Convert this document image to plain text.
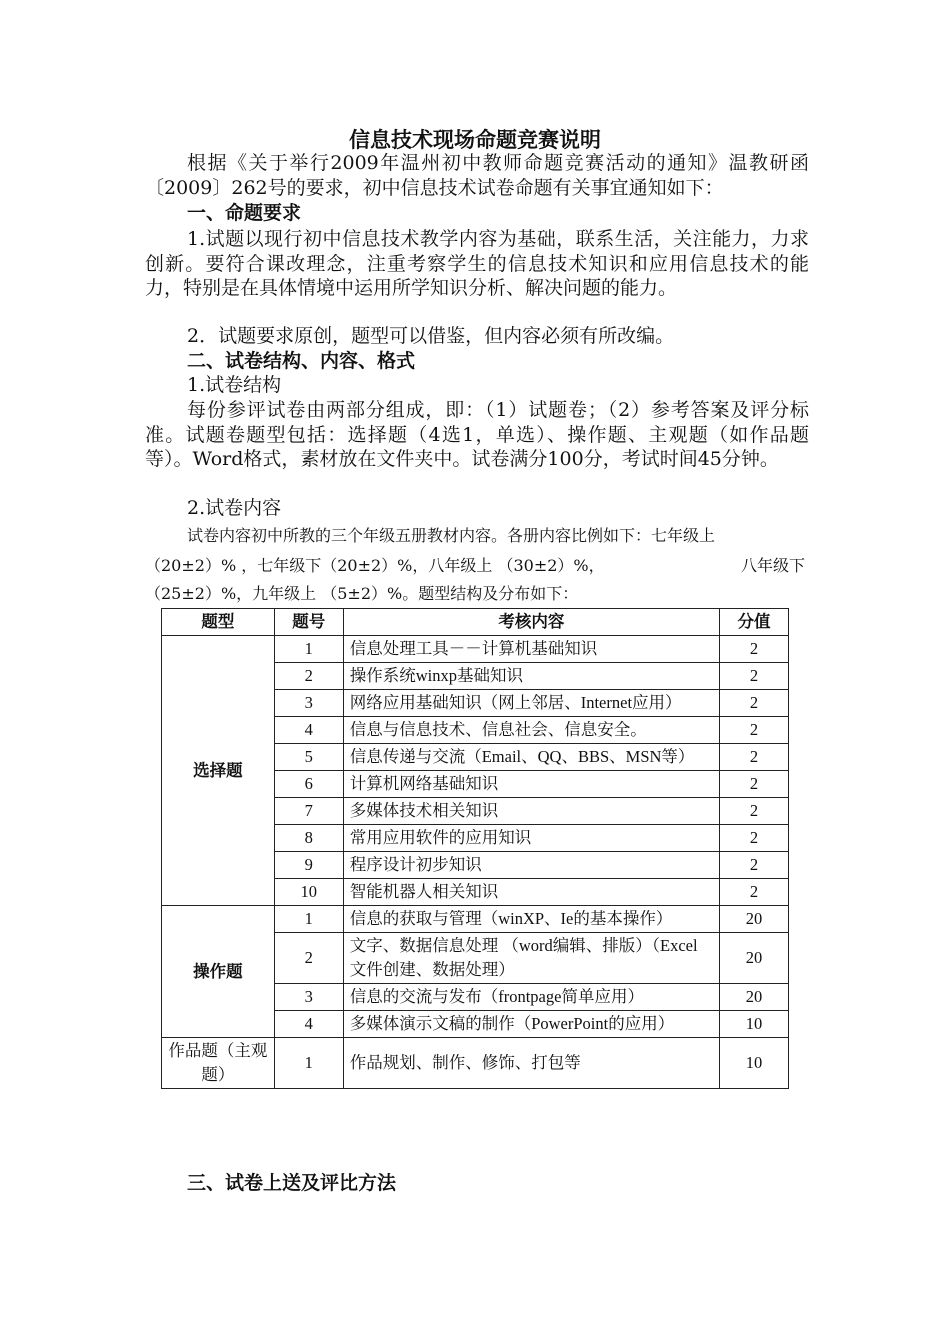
信息技术现场命题竞赛说明
根据《关于举行2009年温州初中教师命题竞赛活动的通知》温教研函〔2009〕262号的要求，初中信息技术试卷命题有关事宜通知如下：
一、命题要求
1.试题以现行初中信息技术教学内容为基础，联系生活，关注能力，力求创新。要符合课改理念，注重考察学生的信息技术知识和应用信息技术的能力，特别是在具体情境中运用所学知识分析、解决问题的能力。
2．试题要求原创，题型可以借鉴，但内容必须有所改编。
二、试卷结构、内容、格式
1.试卷结构
每份参评试卷由两部分组成，即：（1）试题卷；（2）参考答案及评分标准。试题卷题型包括：选择题（4选1，单选）、操作题、主观题（如作品题等）。Word格式，素材放在文件夹中。试卷满分100分，考试时间45分钟。
2.试卷内容
试卷内容初中所教的三个年级五册教材内容。各册内容比例如下：七年级上
（20±2）% ，七年级下（20±2）%，八年级上 （30±2）%，	八年级下
（25±2）%，九年级上 （5±2）%。题型结构及分布如下：
题型	题号	考核内容	分值
选择题	1	信息处理工具－－计算机基础知识	2
	2	操作系统winxp基础知识	2
	3	网络应用基础知识（网上邻居、Internet应用）	2
	4	信息与信息技术、信息社会、信息安全。	2
	5	信息传递与交流（Email、QQ、BBS、MSN等）	2
	6	计算机网络基础知识	2
	7	多媒体技术相关知识	2
	8	常用应用软件的应用知识	2
	9	程序设计初步知识	2
	10	智能机器人相关知识	2
操作题	1	信息的获取与管理（winXP、Ie的基本操作）	20
	2	文字、数据信息处理 （word编辑、排版）（Excel文件创建、数据处理）	20
	3	信息的交流与发布（frontpage简单应用）	20
	4	多媒体演示文稿的制作（PowerPoint的应用）	10
作品题（主观题）	1	作品规划、制作、修饰、打包等	10
三、试卷上送及评比方法
